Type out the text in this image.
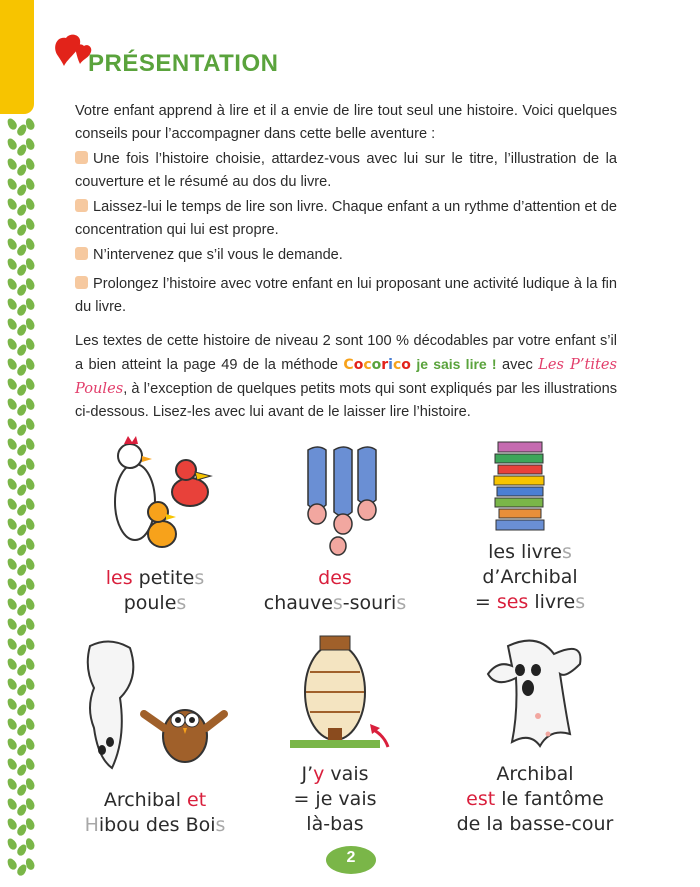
PRÉSENTATION
Votre enfant apprend à lire et il a envie de lire tout seul une histoire. Voici quelques conseils pour l’accompagner dans cette belle aventure :
Une fois l’histoire choisie, attardez-vous avec lui sur le titre, l’illustration de la couverture et le résumé au dos du livre.
Laissez-lui le temps de lire son livre. Chaque enfant a un rythme d’attention et de concentration qui lui est propre.
N’intervenez que s’il vous le demande.
Prolongez l’histoire avec votre enfant en lui proposant une activité ludique à la fin du livre.
Les textes de cette histoire de niveau 2 sont 100 % décodables par votre enfant s’il a bien atteint la page 49 de la méthode Cocorico je sais lire ! avec Les P’tites Poules, à l’exception de quelques petits mots qui sont expliqués par les illustrations ci-dessous. Lisez-les avec lui avant de le laisser lire l’histoire.
les petites
poules
des
chauves-souris
les livres
d’Archibal
= ses livres
Archibal et
Hibou des Bois
J’y vais
= je vais
là-bas
Archibal
est le fantôme
de la basse-cour
2
